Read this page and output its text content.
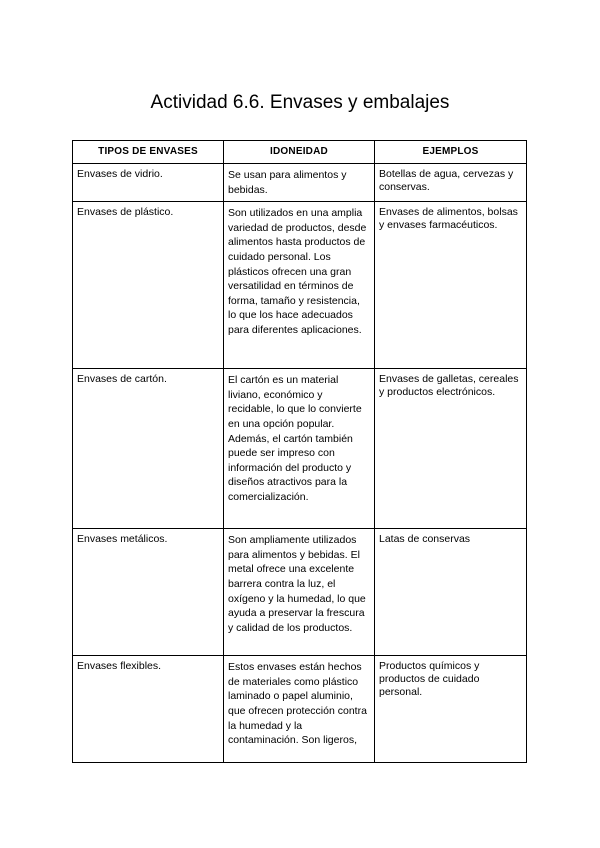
Actividad 6.6. Envases y embalajes
TIPOS DE ENVASES	IDONEIDAD	EJEMPLOS
Envases de vidrio.	Se usan para alimentos y bebidas.	Botellas de agua, cervezas y conservas.
Envases de plástico.	Son utilizados en una amplia variedad de productos, desde alimentos hasta productos de cuidado personal. Los plásticos ofrecen una gran versatilidad en términos de forma, tamaño y resistencia, lo que los hace adecuados para diferentes aplicaciones.	Envases de alimentos, bolsas y envases farmacéuticos.
Envases de cartón.	El cartón es un material liviano, económico y recidable, lo que lo convierte en una opción popular. Además, el cartón también puede ser impreso con información del producto y diseños atractivos para la comercialización.	Envases de galletas, cereales y productos electrónicos.
Envases metálicos.	Son ampliamente utilizados para alimentos y bebidas. El metal ofrece una excelente barrera contra la luz, el oxígeno y la humedad, lo que ayuda a preservar la frescura y calidad de los productos.	Latas de conservas
Envases flexibles.	Estos envases están hechos de materiales como plástico laminado o papel aluminio, que ofrecen protección contra la humedad y la contaminación. Son ligeros,	Productos químicos y productos de cuidado personal.
